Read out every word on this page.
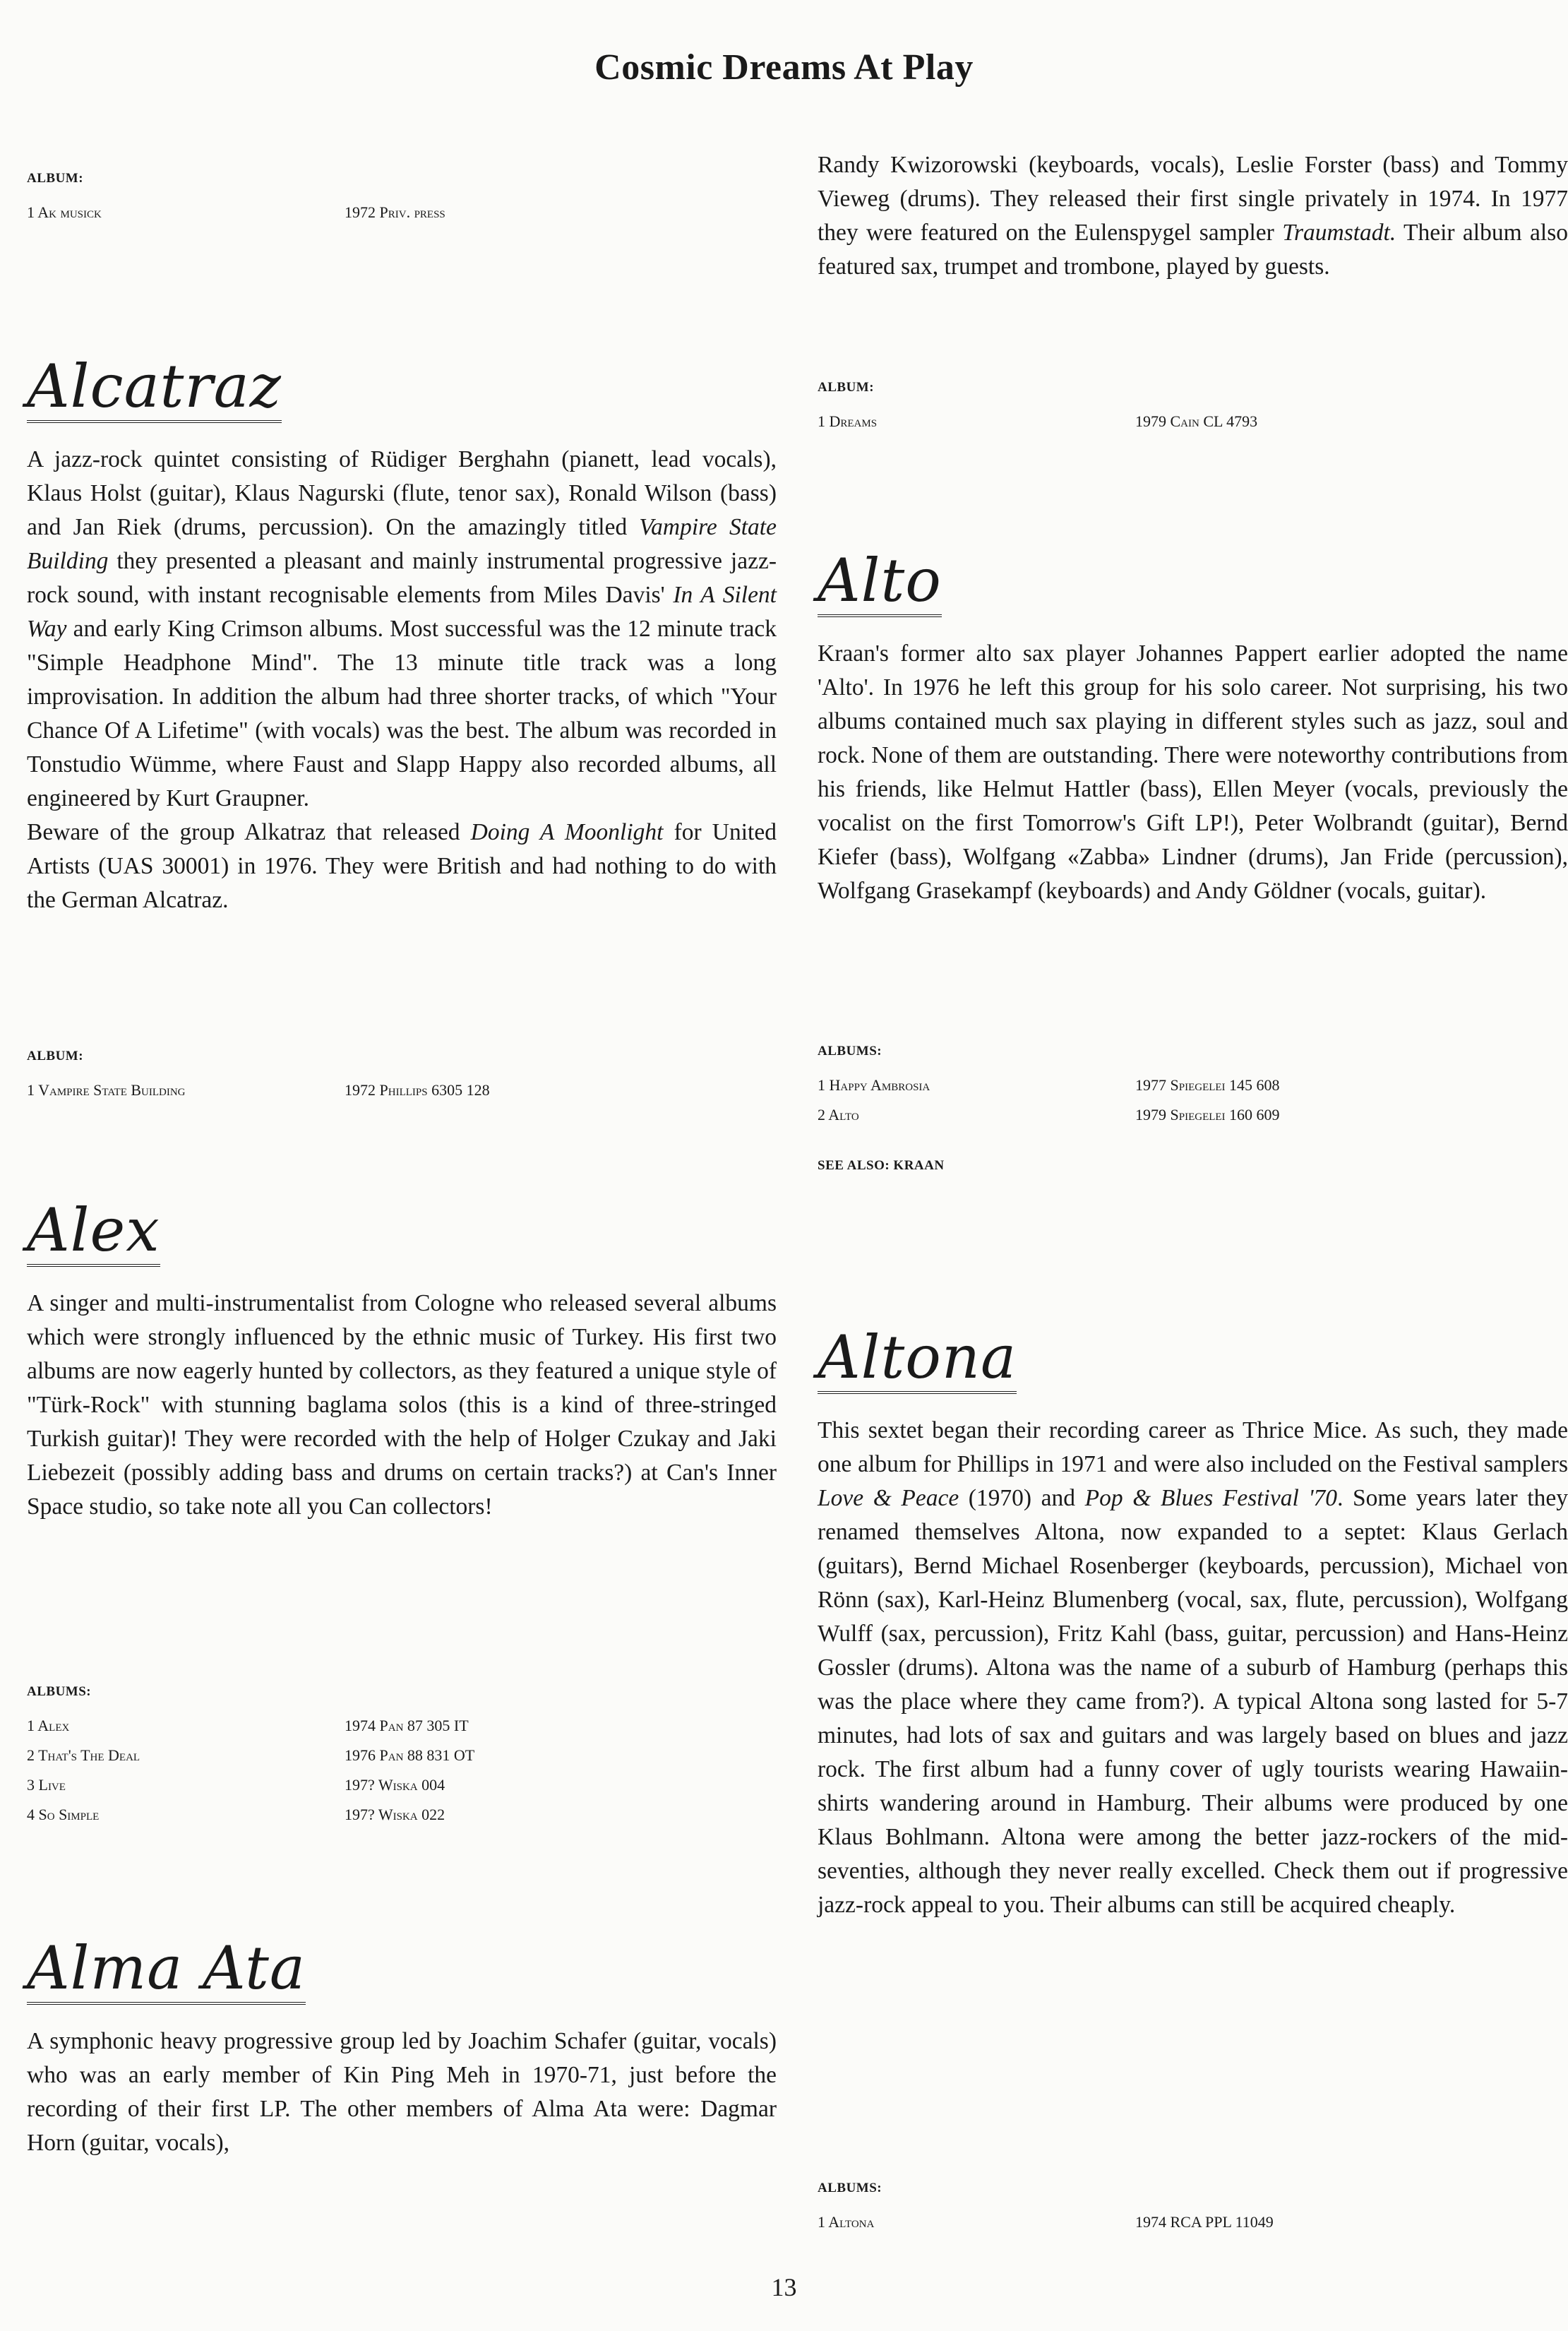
Cosmic Dreams At Play
ALBUM:
1 Ak musick	1972 Priv. press
Alcatraz

A jazz-rock quintet consisting of Rüdiger Berghahn (pianett, lead vocals), Klaus Holst (guitar), Klaus Nagurski (flute, tenor sax), Ronald Wilson (bass) and Jan Riek (drums, percussion). On the amazingly titled Vampire State Building they presented a pleasant and mainly instrumental progressive jazz-rock sound, with instant recognisable elements from Miles Davis' In A Silent Way and early King Crimson albums. Most successful was the 12 minute track "Simple Headphone Mind". The 13 minute title track was a long improvisation. In addition the album had three shorter tracks, of which "Your Chance Of A Lifetime" (with vocals) was the best. The album was recorded in Tonstudio Wümme, where Faust and Slapp Happy also recorded albums, all engineered by Kurt Graupner.

Beware of the group Alkatraz that released Doing A Moonlight for United Artists (UAS 30001) in 1976. They were British and had nothing to do with the German Alcatraz.

ALBUM:
1 Vampire State Building	1972 Phillips 6305 128
Alex

A singer and multi-instrumentalist from Cologne who released several albums which were strongly influenced by the ethnic music of Turkey. His first two albums are now eagerly hunted by collectors, as they featured a unique style of "Türk-Rock" with stunning baglama solos (this is a kind of three-stringed Turkish guitar)! They were recorded with the help of Holger Czukay and Jaki Liebezeit (possibly adding bass and drums on certain tracks?) at Can's Inner Space studio, so take note all you Can collectors!

ALBUMS:
1 Alex	1974 Pan 87 305 IT
2 That's The Deal	1976 Pan 88 831 OT
3 Live	197? Wiska 004
4 So Simple	197? Wiska 022
Alma Ata

A symphonic heavy progressive group led by Joachim Schafer (guitar, vocals) who was an early member of Kin Ping Meh in 1970-71, just before the recording of their first LP. The other members of Alma Ata were: Dagmar Horn (guitar, vocals),

Randy Kwizorowski (keyboards, vocals), Leslie Forster (bass) and Tommy Vieweg (drums). They released their first single privately in 1974. In 1977 they were featured on the Eulenspygel sampler Traumstadt. Their album also featured sax, trumpet and trombone, played by guests.

ALBUM:
1 Dreams	1979 Cain CL 4793
Alto

Kraan's former alto sax player Johannes Pappert earlier adopted the name 'Alto'. In 1976 he left this group for his solo career. Not surprising, his two albums contained much sax playing in different styles such as jazz, soul and rock. None of them are outstanding. There were noteworthy contributions from his friends, like Helmut Hattler (bass), Ellen Meyer (vocals, previously the vocalist on the first Tomorrow's Gift LP!), Peter Wolbrandt (guitar), Bernd Kiefer (bass), Wolfgang «Zabba» Lindner (drums), Jan Fride (percussion), Wolfgang Grasekampf (keyboards) and Andy Göldner (vocals, guitar).

ALBUMS:
1 Happy Ambrosia	1977 Spiegelei 145 608
2 Alto	1979 Spiegelei 160 609
SEE ALSO: KRAAN
Altona

This sextet began their recording career as Thrice Mice. As such, they made one album for Phillips in 1971 and were also included on the Festival samplers Love & Peace (1970) and Pop & Blues Festival '70. Some years later they renamed themselves Altona, now expanded to a septet: Klaus Gerlach (guitars), Bernd Michael Rosenberger (keyboards, percussion), Michael von Rönn (sax), Karl-Heinz Blumenberg (vocal, sax, flute, percussion), Wolfgang Wulff (sax, percussion), Fritz Kahl (bass, guitar, percussion) and Hans-Heinz Gossler (drums). Altona was the name of a suburb of Hamburg (perhaps this was the place where they came from?). A typical Altona song lasted for 5-7 minutes, had lots of sax and guitars and was largely based on blues and jazz rock. The first album had a funny cover of ugly tourists wearing Hawaiin-shirts wandering around in Hamburg. Their albums were produced by one Klaus Bohlmann. Altona were among the better jazz-rockers of the mid-seventies, although they never really excelled. Check them out if progressive jazz-rock appeal to you. Their albums can still be acquired cheaply.

ALBUMS:
1 Altona	1974 RCA PPL 11049
13
